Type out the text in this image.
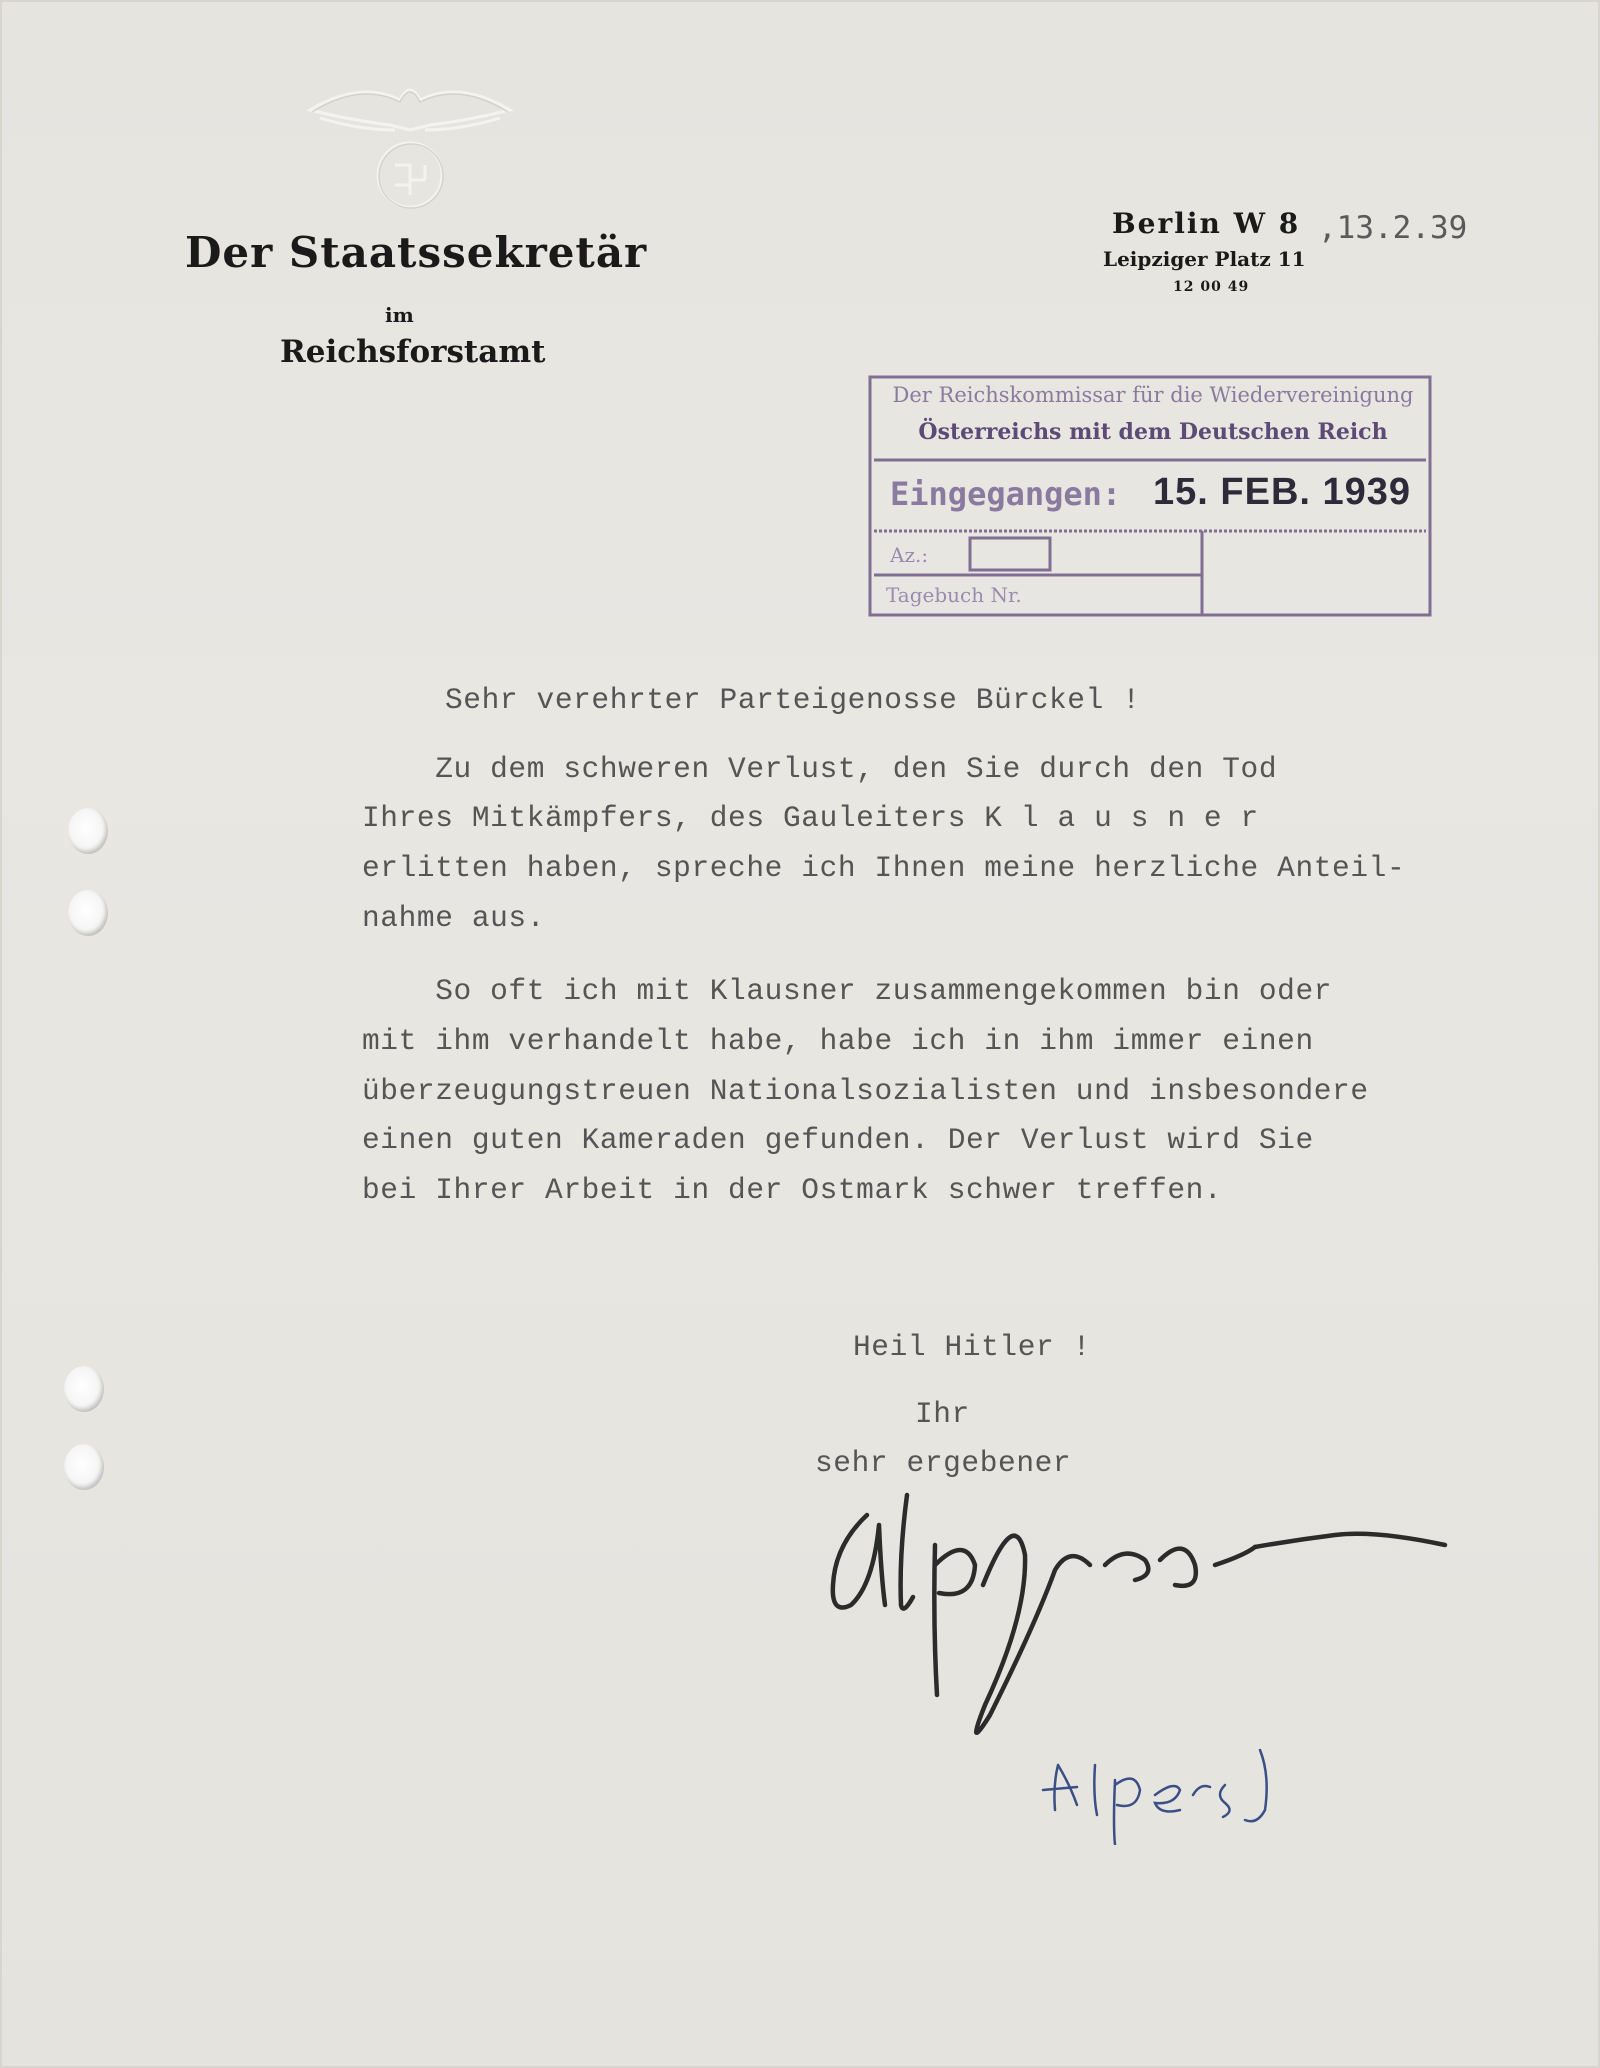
Der Staatssekretär
im
Reichsforstamt
Berlin W 8 ,13.2.39
Leipziger Platz 11
12 00 49
Der Reichskommissar für die Wiedervereinigung
Österreichs mit dem Deutschen Reich
Eingegangen: 15. FEB. 1939
Az.:
Tagebuch Nr.
Sehr verehrter Parteigenosse Bürckel !
Zu dem schweren Verlust, den Sie durch den Tod
Ihres Mitkämpfers, des Gauleiters K l a u s n e r
erlitten haben, spreche ich Ihnen meine herzliche Anteil-
nahme aus.
So oft ich mit Klausner zusammengekommen bin oder
mit ihm verhandelt habe, habe ich in ihm immer einen
überzeugungstreuen Nationalsozialisten und insbesondere
einen guten Kameraden gefunden. Der Verlust wird Sie
bei Ihrer Arbeit in der Ostmark schwer treffen.
Heil Hitler !
Ihr
sehr ergebener
